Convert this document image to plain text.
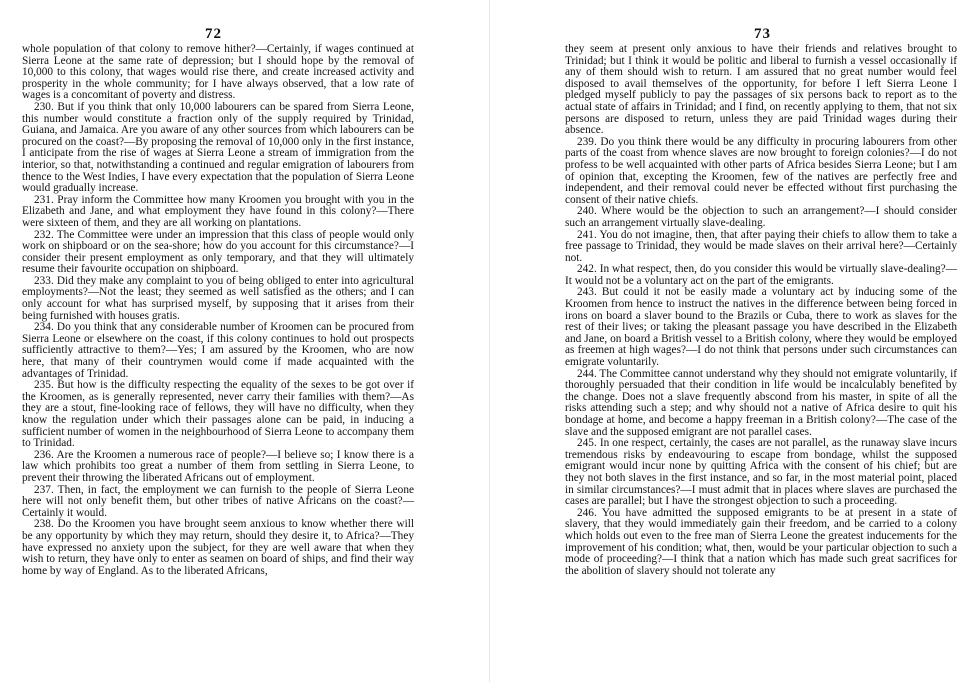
72

whole population of that colony to remove hither?—Certainly, if wages continued at Sierra Leone at the same rate of depression; but I should hope by the removal of 10,000 to this colony, that wages would rise there, and create increased activity and prosperity in the whole community; for I have always observed, that a low rate of wages is a concomitant of poverty and distress.

230. But if you think that only 10,000 labourers can be spared from Sierra Leone, this number would constitute a fraction only of the supply required by Trinidad, Guiana, and Jamaica. Are you aware of any other sources from which labourers can be procured on the coast?—By proposing the removal of 10,000 only in the first instance, I anticipate from the rise of wages at Sierra Leone a stream of immigration from the interior, so that, notwithstanding a continued and regular emigration of labourers from thence to the West Indies, I have every expectation that the population of Sierra Leone would gradually increase.

231. Pray inform the Committee how many Kroomen you brought with you in the Elizabeth and Jane, and what employment they have found in this colony?—There were sixteen of them, and they are all working on plantations.

232. The Committee were under an impression that this class of people would only work on shipboard or on the sea-shore; how do you account for this circumstance?—I consider their present employment as only temporary, and that they will ultimately resume their favourite occupation on shipboard.

233. Did they make any complaint to you of being obliged to enter into agricultural employments?—Not the least; they seemed as well satisfied as the others; and I can only account for what has surprised myself, by supposing that it arises from their being furnished with houses gratis.

234. Do you think that any considerable number of Kroomen can be procured from Sierra Leone or elsewhere on the coast, if this colony continues to hold out prospects sufficiently attractive to them?—Yes; I am assured by the Kroomen, who are now here, that many of their countrymen would come if made acquainted with the advantages of Trinidad.

235. But how is the difficulty respecting the equality of the sexes to be got over if the Kroomen, as is generally represented, never carry their families with them?—As they are a stout, fine-looking race of fellows, they will have no difficulty, when they know the regulation under which their passages alone can be paid, in inducing a sufficient number of women in the neighbourhood of Sierra Leone to accompany them to Trinidad.

236. Are the Kroomen a numerous race of people?—I believe so; I know there is a law which prohibits too great a number of them from settling in Sierra Leone, to prevent their throwing the liberated Africans out of employment.

237. Then, in fact, the employment we can furnish to the people of Sierra Leone here will not only benefit them, but other tribes of native Africans on the coast?—Certainly it would.

238. Do the Kroomen you have brought seem anxious to know whether there will be any opportunity by which they may return, should they desire it, to Africa?—They have expressed no anxiety upon the subject, for they are well aware that when they wish to return, they have only to enter as seamen on board of ships, and find their way home by way of England. As to the liberated Africans,

73

they seem at present only anxious to have their friends and relatives brought to Trinidad; but I think it would be politic and liberal to furnish a vessel occasionally if any of them should wish to return. I am assured that no great number would feel disposed to avail themselves of the opportunity, for before I left Sierra Leone I pledged myself publicly to pay the passages of six persons back to report as to the actual state of affairs in Trinidad; and I find, on recently applying to them, that not six persons are disposed to return, unless they are paid Trinidad wages during their absence.

239. Do you think there would be any difficulty in procuring labourers from other parts of the coast from whence slaves are now brought to foreign colonies?—I do not profess to be well acquainted with other parts of Africa besides Sierra Leone; but I am of opinion that, excepting the Kroomen, few of the natives are perfectly free and independent, and their removal could never be effected without first purchasing the consent of their native chiefs.

240. Where would be the objection to such an arrangement?—I should consider such an arrangement virtually slave-dealing.

241. You do not imagine, then, that after paying their chiefs to allow them to take a free passage to Trinidad, they would be made slaves on their arrival here?—Certainly not.

242. In what respect, then, do you consider this would be virtually slave-dealing?—It would not be a voluntary act on the part of the emigrants.

243. But could it not be easily made a voluntary act by inducing some of the Kroomen from hence to instruct the natives in the difference between being forced in irons on board a slaver bound to the Brazils or Cuba, there to work as slaves for the rest of their lives; or taking the pleasant passage you have described in the Elizabeth and Jane, on board a British vessel to a British colony, where they would be employed as freemen at high wages?—I do not think that persons under such circumstances can emigrate voluntarily.

244. The Committee cannot understand why they should not emigrate voluntarily, if thoroughly persuaded that their condition in life would be incalculably benefited by the change. Does not a slave frequently abscond from his master, in spite of all the risks attending such a step; and why should not a native of Africa desire to quit his bondage at home, and become a happy freeman in a British colony?—The case of the slave and the supposed emigrant are not parallel cases.

245. In one respect, certainly, the cases are not parallel, as the runaway slave incurs tremendous risks by endeavouring to escape from bondage, whilst the supposed emigrant would incur none by quitting Africa with the consent of his chief; but are they not both slaves in the first instance, and so far, in the most material point, placed in similar circumstances?—I must admit that in places where slaves are purchased the cases are parallel; but I have the strongest objection to such a proceeding.

246. You have admitted the supposed emigrants to be at present in a state of slavery, that they would immediately gain their freedom, and be carried to a colony which holds out even to the free man of Sierra Leone the greatest inducements for the improvement of his condition; what, then, would be your particular objection to such a mode of proceeding?—I think that a nation which has made such great sacrifices for the abolition of slavery should not tolerate any
